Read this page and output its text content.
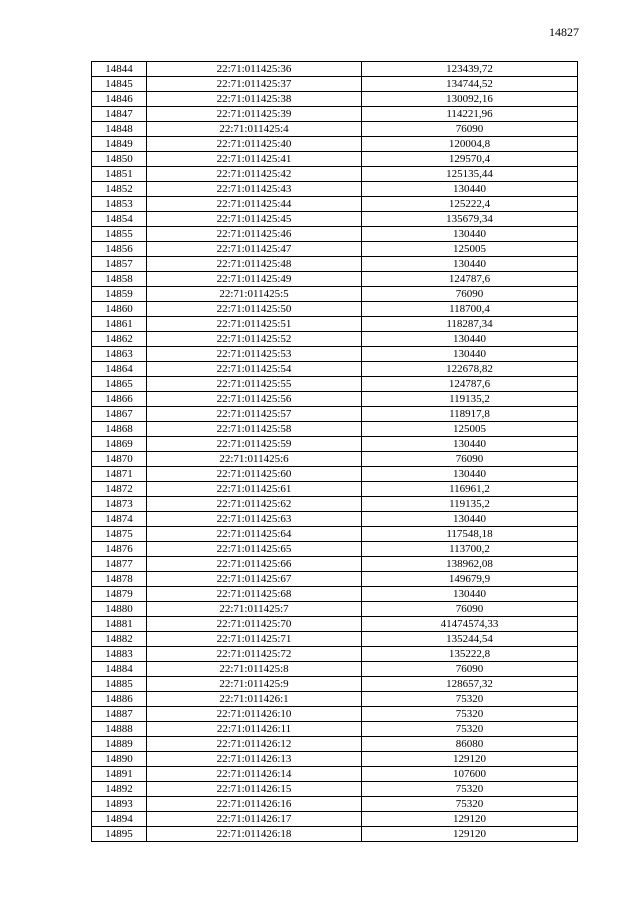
14827
14844	22:71:011425:36	123439,72
14845	22:71:011425:37	134744,52
14846	22:71:011425:38	130092,16
14847	22:71:011425:39	114221,96
14848	22:71:011425:4	76090
14849	22:71:011425:40	120004,8
14850	22:71:011425:41	129570,4
14851	22:71:011425:42	125135,44
14852	22:71:011425:43	130440
14853	22:71:011425:44	125222,4
14854	22:71:011425:45	135679,34
14855	22:71:011425:46	130440
14856	22:71:011425:47	125005
14857	22:71:011425:48	130440
14858	22:71:011425:49	124787,6
14859	22:71:011425:5	76090
14860	22:71:011425:50	118700,4
14861	22:71:011425:51	118287,34
14862	22:71:011425:52	130440
14863	22:71:011425:53	130440
14864	22:71:011425:54	122678,82
14865	22:71:011425:55	124787,6
14866	22:71:011425:56	119135,2
14867	22:71:011425:57	118917,8
14868	22:71:011425:58	125005
14869	22:71:011425:59	130440
14870	22:71:011425:6	76090
14871	22:71:011425:60	130440
14872	22:71:011425:61	116961,2
14873	22:71:011425:62	119135,2
14874	22:71:011425:63	130440
14875	22:71:011425:64	117548,18
14876	22:71:011425:65	113700,2
14877	22:71:011425:66	138962,08
14878	22:71:011425:67	149679,9
14879	22:71:011425:68	130440
14880	22:71:011425:7	76090
14881	22:71:011425:70	41474574,33
14882	22:71:011425:71	135244,54
14883	22:71:011425:72	135222,8
14884	22:71:011425:8	76090
14885	22:71:011425:9	128657,32
14886	22:71:011426:1	75320
14887	22:71:011426:10	75320
14888	22:71:011426:11	75320
14889	22:71:011426:12	86080
14890	22:71:011426:13	129120
14891	22:71:011426:14	107600
14892	22:71:011426:15	75320
14893	22:71:011426:16	75320
14894	22:71:011426:17	129120
14895	22:71:011426:18	129120
